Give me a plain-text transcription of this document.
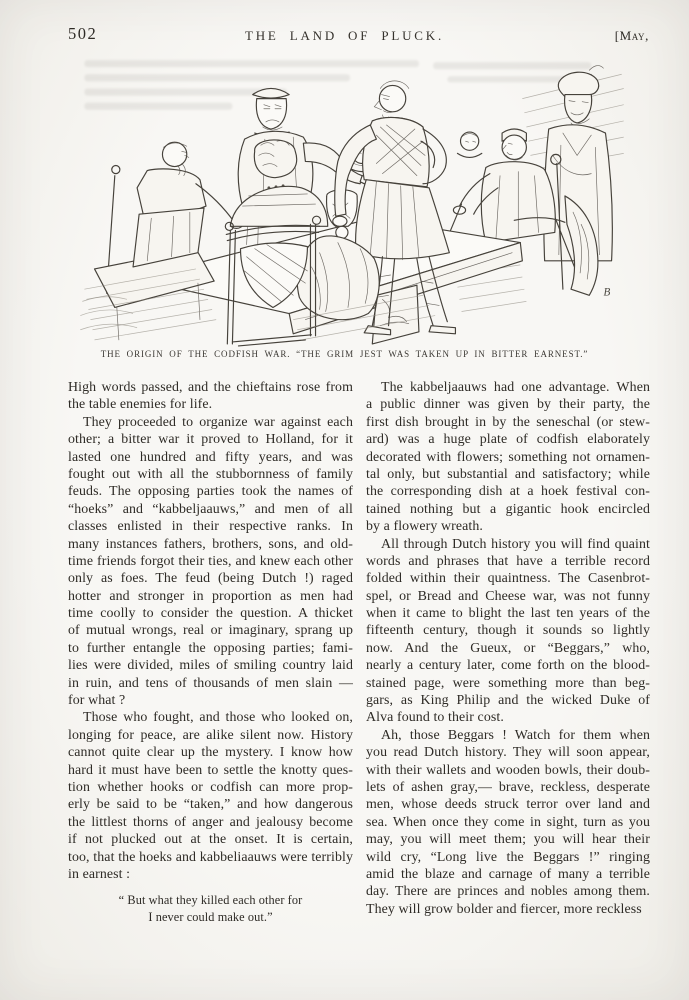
502	THE LAND OF PLUCK.	[May,
B
THE ORIGIN OF THE CODFISH WAR. “THE GRIM JEST WAS TAKEN UP IN BITTER EARNEST.”
High words passed, and the chieftains rose from
the table enemies for life.
They proceeded to organize war against each
other; a bitter war it proved to Holland, for it
lasted one hundred and fifty years, and was
fought out with all the stubbornness of family
feuds. The opposing parties took the names of
“hoeks” and “kabbeljaauws,” and men of all
classes enlisted in their respective ranks. In
many instances fathers, brothers, sons, and old-
time friends forgot their ties, and knew each other
only as foes. The feud (being Dutch !) raged
hotter and stronger in proportion as men had
time coolly to consider the question. A thicket
of mutual wrongs, real or imaginary, sprang up
to further entangle the opposing parties; fami-
lies were divided, miles of smiling country laid
in ruin, and tens of thousands of men slain —
for what ?
Those who fought, and those who looked on,
longing for peace, are alike silent now. History
cannot quite clear up the mystery. I know how
hard it must have been to settle the knotty ques-
tion whether hooks or codfish can more prop-
erly be said to be “taken,” and how dangerous
the littlest thorns of anger and jealousy become
if not plucked out at the onset. It is certain,
too, that the hoeks and kabbeliaauws were terribly
in earnest :
“ But what they killed each other for
I never could make out.”
The kabbeljaauws had one advantage. When
a public dinner was given by their party, the
first dish brought in by the seneschal (or stew-
ard) was a huge plate of codfish elaborately
decorated with flowers; something not ornamen-
tal only, but substantial and satisfactory; while
the corresponding dish at a hoek festival con-
tained nothing but a gigantic hook encircled
by a flowery wreath.
All through Dutch history you will find quaint
words and phrases that have a terrible record
folded within their quaintness. The Casenbrot-
spel, or Bread and Cheese war, was not funny
when it came to blight the last ten years of the
fifteenth century, though it sounds so lightly
now. And the Gueux, or “Beggars,” who,
nearly a century later, come forth on the blood-
stained page, were something more than beg-
gars, as King Philip and the wicked Duke of
Alva found to their cost.
Ah, those Beggars ! Watch for them when
you read Dutch history. They will soon appear,
with their wallets and wooden bowls, their doub-
lets of ashen gray,— brave, reckless, desperate
men, whose deeds struck terror over land and
sea. When once they come in sight, turn as you
may, you will meet them; you will hear their
wild cry, “Long live the Beggars !” ringing
amid the blaze and carnage of many a terrible
day. There are princes and nobles among them.
They will grow bolder and fiercer, more reckless
